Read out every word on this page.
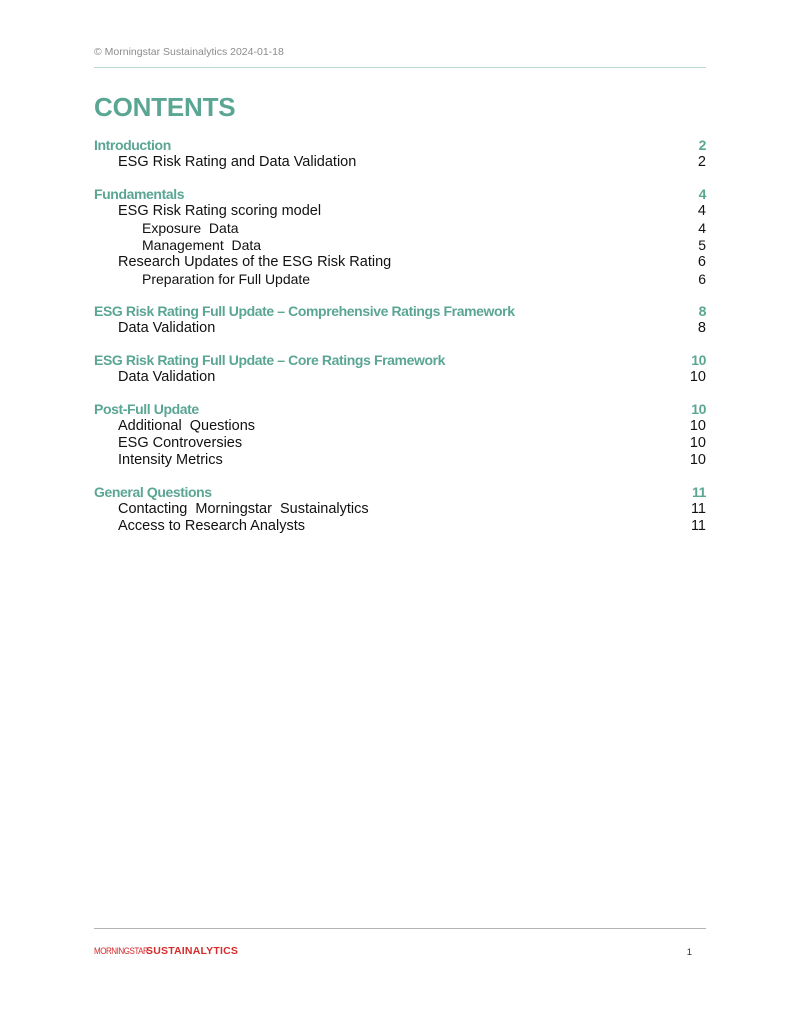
© Morningstar Sustainalytics 2024-01-18
CONTENTS
Introduction	2
ESG Risk Rating and Data Validation	2
Fundamentals	4
ESG Risk Rating scoring model	4
Exposure  Data	4
Management  Data	5
Research Updates of the ESG Risk Rating	6
Preparation for Full Update	6
ESG Risk Rating Full Update – Comprehensive Ratings Framework	8
Data Validation	8
ESG Risk Rating Full Update – Core Ratings Framework	10
Data Validation	10
Post-Full Update	10
Additional  Questions	10
ESG Controversies	10
Intensity Metrics	10
General Questions	11
Contacting  Morningstar  Sustainalytics	11
Access to Research Analysts	11
MORNINGSTAR
SUSTAINALYTICS	1
